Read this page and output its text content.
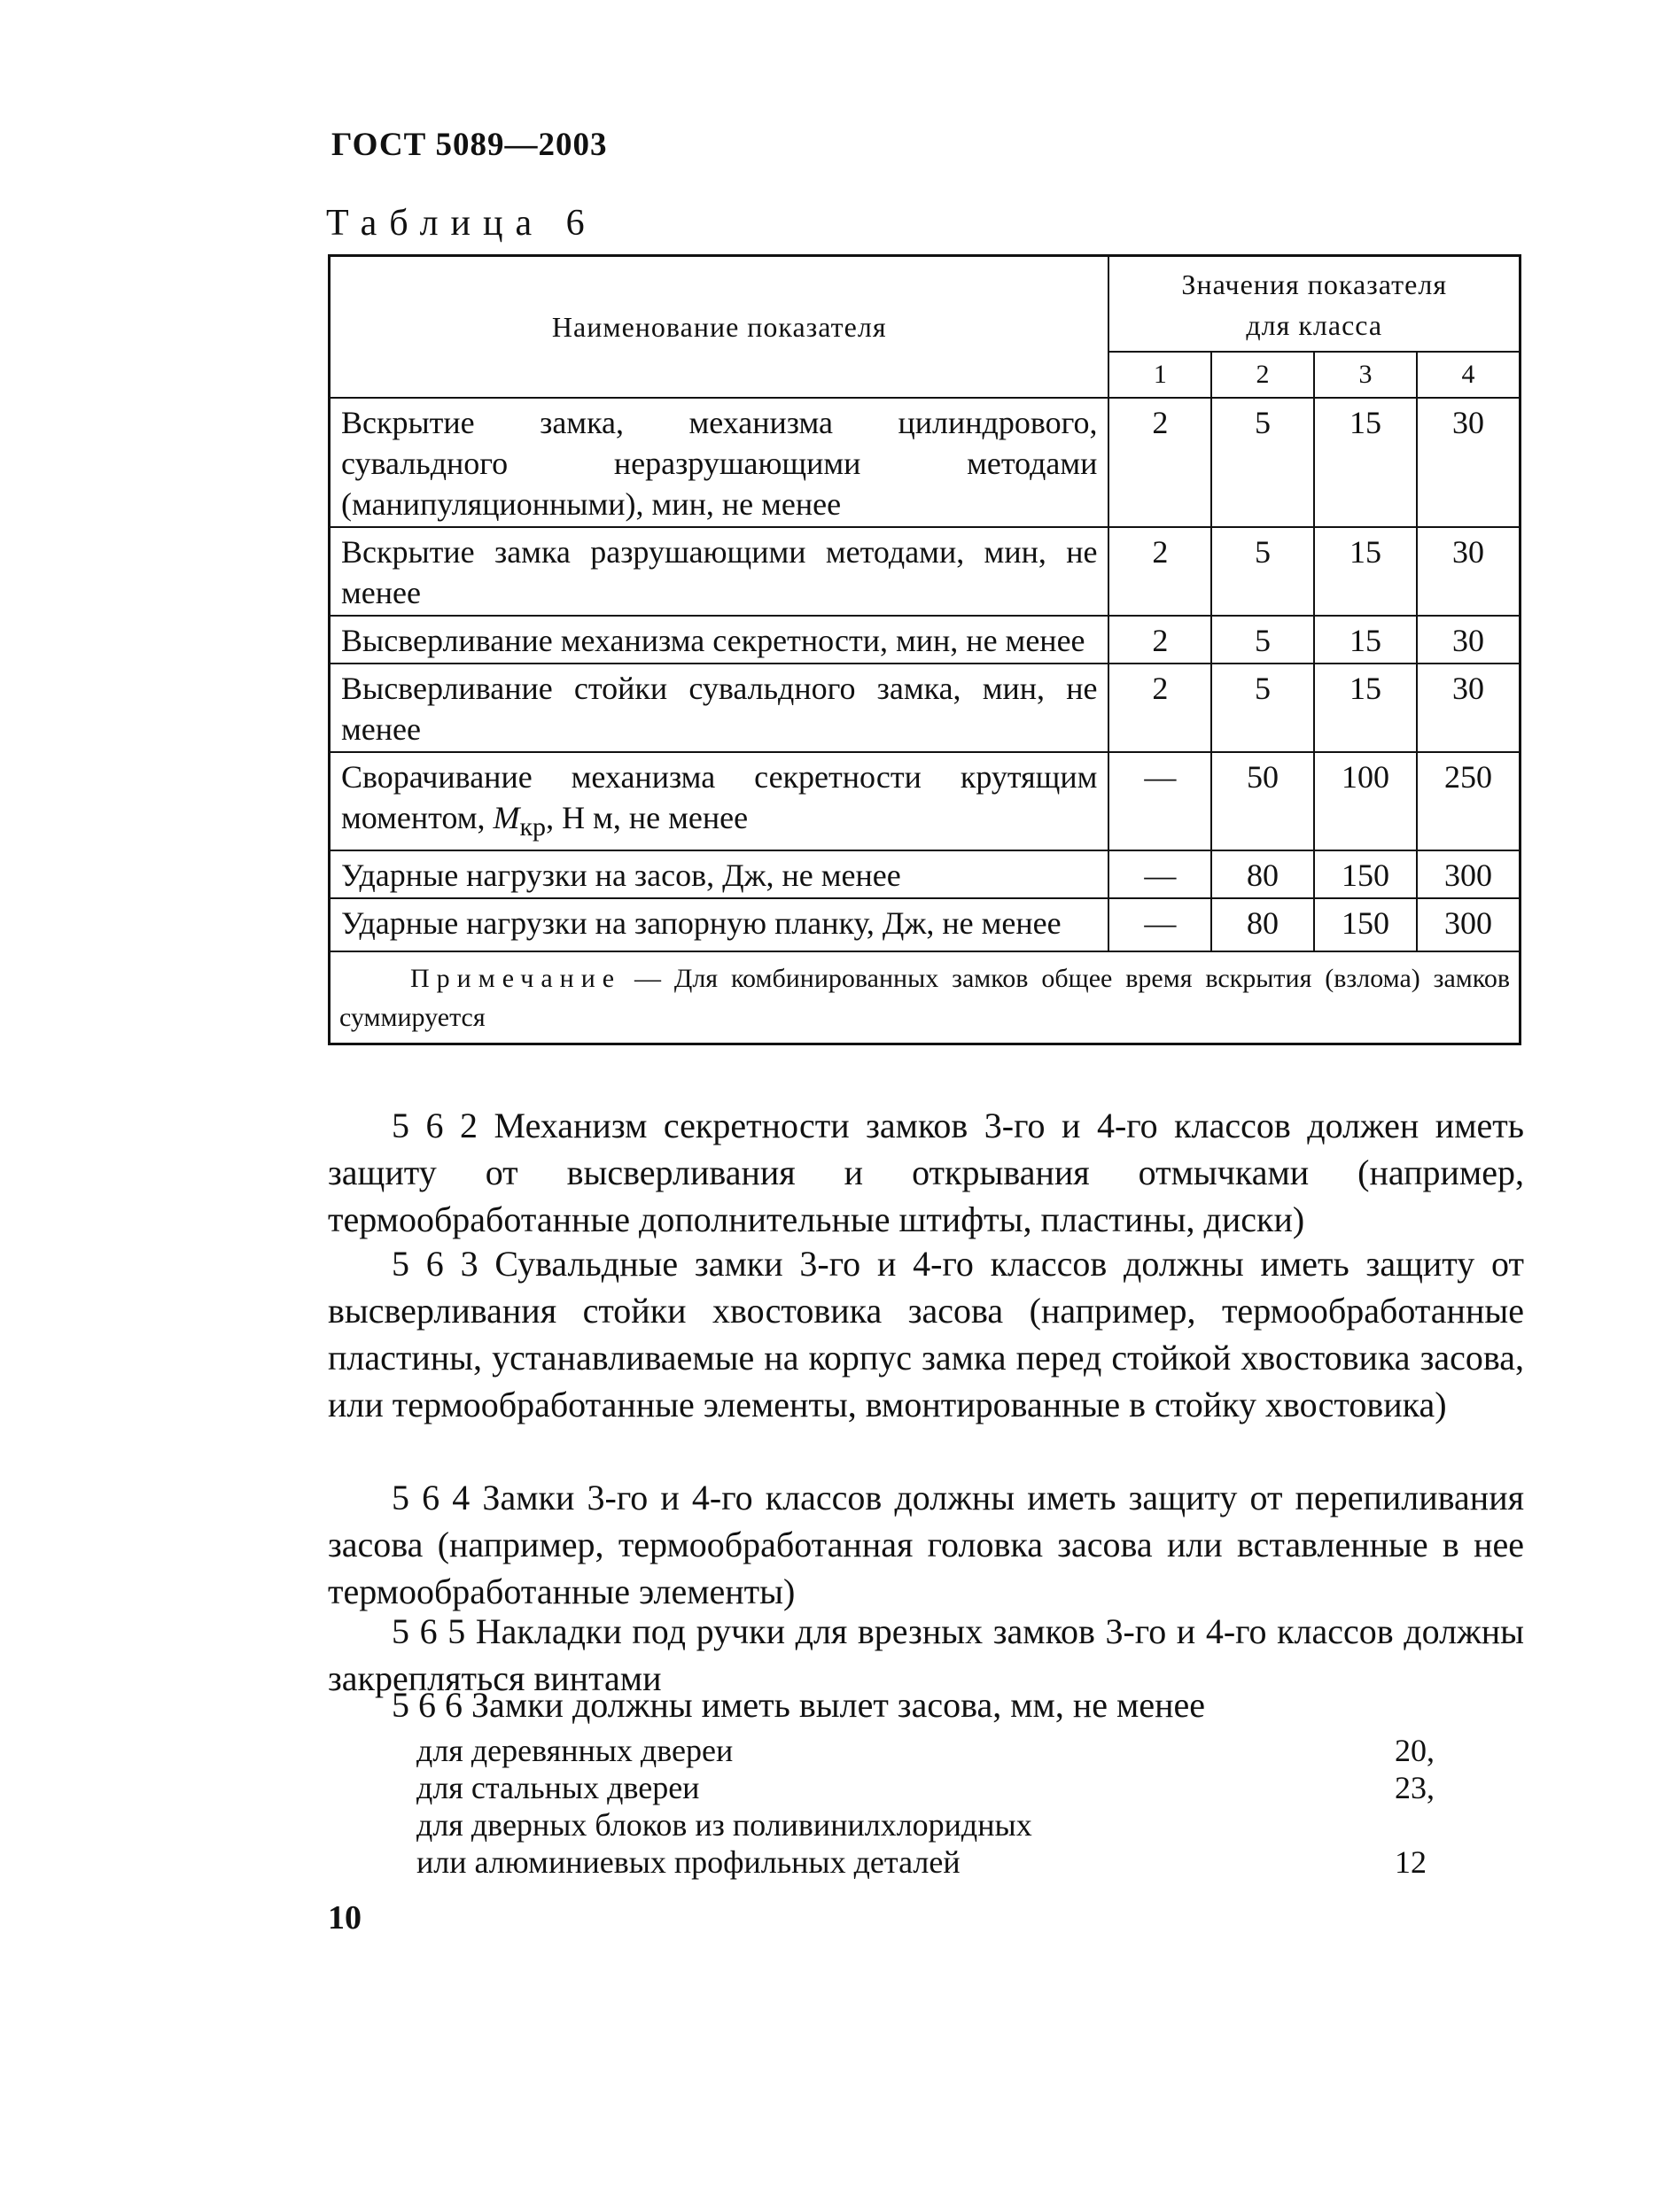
ГОСТ 5089—2003
Таблица 6
Наименование показателя	Значения показателя
для класса			
	1	2	3	4
Вскрытие замка, механизма цилиндрового, сувальдного неразрушающими методами (манипуляционными), мин, не менее	2	5	15	30
Вскрытие замка разрушающими методами, мин, не менее	2	5	15	30
Высверливание механизма секретности, мин, не менее	2	5	15	30
Высверливание стойки сувальдного замка, мин, не менее	2	5	15	30
Сворачивание механизма секретности крутящим моментом, $M_{кр}$, Н м, не менее	—	50	100	250
Ударные нагрузки на засов, Дж, не менее	—	80	150	300
Ударные нагрузки на запорную планку, Дж, не менее	—	80	150	300
Примечание — Для комбинированных замков общее время вскрытия (взлома) замков суммируется				
5 6 2 Механизм секретности замков 3-го и 4-го классов должен иметь защиту от высверливания и открывания отмычками (например, термообработанные дополнительные штифты, пластины, диски)
5 6 3 Сувальдные замки 3-го и 4-го классов должны иметь защиту от высверливания стойки хвостовика засова (например, термообработанные пластины, устанавливаемые на корпус замка перед стойкой хвостовика засова, или термообработанные элементы, вмонтированные в стойку хвостовика)
5 6 4 Замки 3-го и 4-го классов должны иметь защиту от перепиливания засова (например, термообработанная головка засова или вставленные в нее термообработанные элементы)
5 6 5 Накладки под ручки для врезных замков 3-го и 4-го классов должны закрепляться винтами
5 6 6 Замки должны иметь вылет засова, мм, не менее
для деревянных двереи	20,
для стальных двереи	23,
для дверных блоков из поливинилхлоридных
или алюминиевых профильных деталей	12
10
